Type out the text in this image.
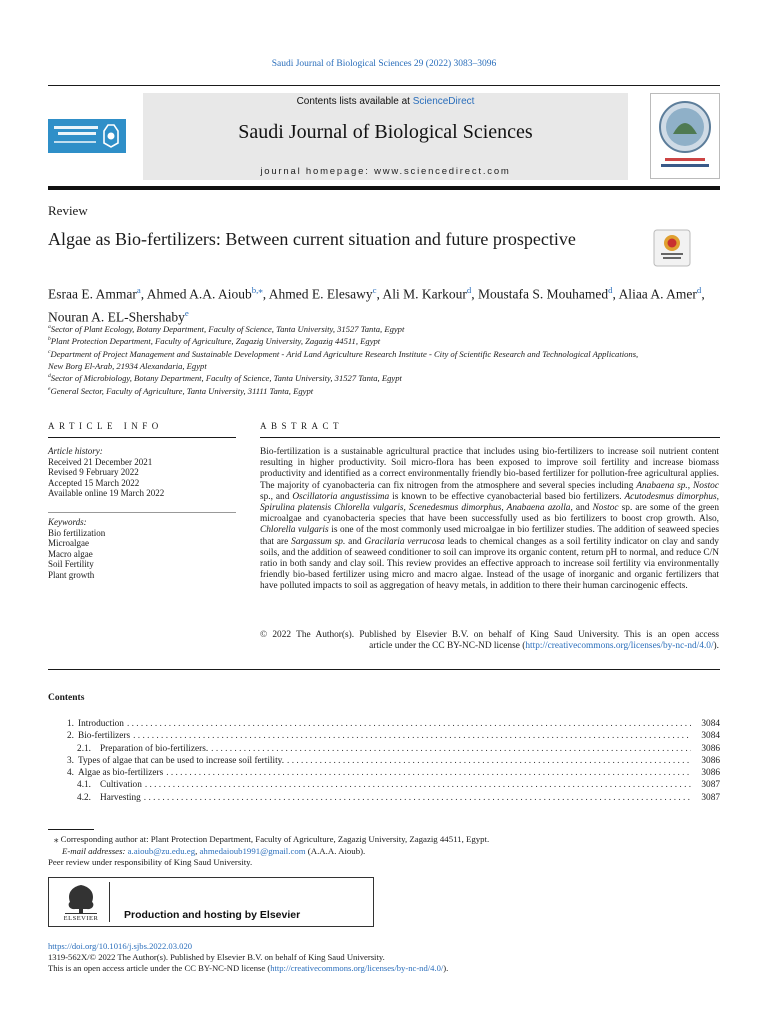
Saudi Journal of Biological Sciences 29 (2022) 3083–3096
Contents lists available at ScienceDirect
Saudi Journal of Biological Sciences
journal homepage: www.sciencedirect.com
Review
Algae as Bio-fertilizers: Between current situation and future prospective
Esraa E. Ammar$^a$, Ahmed A.A. Aioub$^{b,⁎}$, Ahmed E. Elesawy$^c$, Ali M. Karkour$^d$, Moustafa S. Mouhamed$^d$, Aliaa A. Amer$^d$, Nouran A. EL-Shershaby$^e$
$^a$Sector of Plant Ecology, Botany Department, Faculty of Science, Tanta University, 31527 Tanta, Egypt
$^b$Plant Protection Department, Faculty of Agriculture, Zagazig University, Zagazig 44511, Egypt
$^c$Department of Project Management and Sustainable Development - Arid Land Agriculture Research Institute - City of Scientific Research and Technological Applications,
New Borg El-Arab, 21934 Alexandaria, Egypt
$^d$Sector of Microbiology, Botany Department, Faculty of Science, Tanta University, 31527 Tanta, Egypt
$^e$General Sector, Faculty of Agriculture, Tanta University, 31111 Tanta, Egypt
ARTICLE INFO	ABSTRACT
Article history:
Received 21 December 2021
Revised 9 February 2022
Accepted 15 March 2022
Available online 19 March 2022
Keywords:
Bio fertilization
Microalgae
Macro algae
Soil Fertility
Plant growth
Bio-fertilization is a sustainable agricultural practice that includes using bio-fertilizers to increase soil nutrient content resulting in higher productivity. Soil micro-flora has been exposed to improve soil fertility and increase biomass productivity and identified as a correct environmentally friendly bio-based fertilizer for pollution-free agricultural applies. The majority of cyanobacteria can fix nitrogen from the atmosphere and several species including Anabaena sp., Nostoc sp., and Oscillatoria angustissima is known to be effective cyanobacterial based bio fertilizers. Acutodesmus dimorphus, Spirulina platensis Chlorella vulgaris, Scenedesmus dimorphus, Anabaena azolla, and Nostoc sp. are some of the green microalgae and cyanobacteria species that have been successfully used as bio fertilizers to boost crop growth. Also, Chlorella vulgaris is one of the most commonly used microalgae in bio fertilizer studies. The addition of seaweed species that are Sargassum sp. and Gracilaria verrucosa leads to chemical changes as a soil fertility indicator on clay and sandy soils, and the addition of seaweed conditioner to soil can improve its organic content, return pH to normal, and reduce C/N ratio in both sandy and clay soil. This review provides an effective approach to increase soil fertility via environmentally friendly bio-based fertilizer using micro and macro algae. Instead of the usage of inorganic and organic fertilizers that have polluted impacts to soil as aggregation of heavy metals, in addition to there their human carcinogenic effects.
© 2022 The Author(s). Published by Elsevier B.V. on behalf of King Saud University. This is an open access
article under the CC BY-NC-ND license (http://creativecommons.org/licenses/by-nc-nd/4.0/).
Contents
1. Introduction . . .	3084
2. Bio-fertilizers . . .	3084
2.1. Preparation of bio-fertilizers. . . .	3086
3. Types of algae that can be used to increase soil fertility. . . .	3086
4. Algae as bio-fertilizers . . .	3086
4.1. Cultivation . . .	3087
4.2. Harvesting . . .	3087
⁎ Corresponding author at: Plant Protection Department, Faculty of Agriculture, Zagazig University, Zagazig 44511, Egypt.
E-mail addresses: a.aioub@zu.edu.eg, ahmedaioub1991@gmail.com (A.A.A. Aioub).
Peer review under responsibility of King Saud University.
ELSEVIER	Production and hosting by Elsevier
https://doi.org/10.1016/j.sjbs.2022.03.020
1319-562X/© 2022 The Author(s). Published by Elsevier B.V. on behalf of King Saud University.
This is an open access article under the CC BY-NC-ND license (http://creativecommons.org/licenses/by-nc-nd/4.0/).
